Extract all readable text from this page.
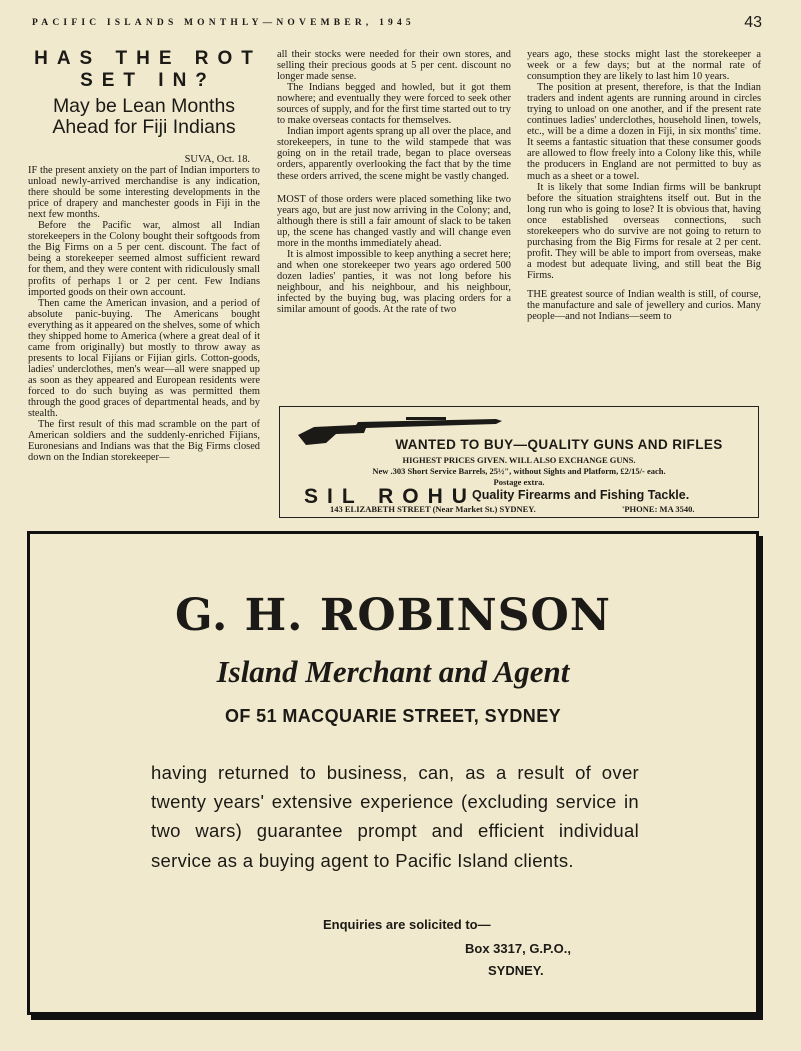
PACIFIC ISLANDS MONTHLY—NOVEMBER, 1945	43
HAS THE ROT
SET IN?
May be Lean Months
Ahead for Fiji Indians
SUVA, Oct. 18.

IF the present anxiety on the part of Indian importers to unload newly-arrived merchandise is any indication, there should be some interesting developments in the price of drapery and manchester goods in Fiji in the next few months.

Before the Pacific war, almost all Indian storekeepers in the Colony bought their softgoods from the Big Firms on a 5 per cent. discount. The fact of being a storekeeper seemed almost sufficient reward for them, and they were content with ridiculously small profits of perhaps 1 or 2 per cent. Few Indians imported goods on their own account.

Then came the American invasion, and a period of absolute panic-buying. The Americans bought everything as it appeared on the shelves, some of which they shipped home to America (where a great deal of it came from originally) but mostly to throw away as presents to local Fijians or Fijian girls. Cotton-goods, ladies' underclothes, men's wear—all were snapped up as soon as they appeared and European residents were forced to do such buying as was permitted them through the good graces of departmental heads, and by stealth.

The first result of this mad scramble on the part of American soldiers and the suddenly-enriched Fijians, Euronesians and Indians was that the Big Firms closed down on the Indian storekeeper—

all their stocks were needed for their own stores, and selling their precious goods at 5 per cent. discount no longer made sense.

The Indians begged and howled, but it got them nowhere; and eventually they were forced to seek other sources of supply, and for the first time started out to try to make overseas contacts for themselves.

Indian import agents sprang up all over the place, and storekeepers, in tune to the wild stampede that was going on in the retail trade, began to place overseas orders, apparently overlooking the fact that by the time these orders arrived, the scene might be vastly changed.

MOST of those orders were placed something like two years ago, but are just now arriving in the Colony; and, although there is still a fair amount of slack to be taken up, the scene has changed vastly and will change even more in the months immediately ahead.

It is almost impossible to keep anything a secret here; and when one storekeeper two years ago ordered 500 dozen ladies' panties, it was not long before his neighbour, and his neighbour, and his neighbour, infected by the buying bug, was placing orders for a similar amount of goods. At the rate of two

years ago, these stocks might last the storekeeper a week or a few days; but at the normal rate of consumption they are likely to last him 10 years.

The position at present, therefore, is that the Indian traders and indent agents are running around in circles trying to unload on one another, and if the present rate continues ladies' underclothes, household linen, towels, etc., will be a dime a dozen in Fiji, in six months' time. It seems a fantastic situation that these consumer goods are allowed to flow freely into a Colony like this, while the producers in England are not permitted to buy as much as a sheet or a towel.

It is likely that some Indian firms will be bankrupt before the situation straightens itself out. But in the long run who is going to lose? It is obvious that, having once established overseas connections, such storekeepers who do survive are not going to return to purchasing from the Big Firms for resale at 2 per cent. profit. They will be able to import from overseas, make a modest but adequate living, and still beat the Big Firms.

THE greatest source of Indian wealth is still, of course, the manufacture and sale of jewellery and curios. Many people—and not Indians—seem to

WANTED TO BUY—QUALITY GUNS AND RIFLES
HIGHEST PRICES GIVEN. WILL ALSO EXCHANGE GUNS.
New .303 Short Service Barrels, 25½", without Sights and Platform, £2/15/- each.
Postage extra.
SIL ROHU
Quality Firearms and Fishing Tackle.
143 ELIZABETH STREET (Near Market St.) SYDNEY.	'PHONE: MA 3540.
G. H. ROBINSON
Island Merchant and Agent
OF 51 MACQUARIE STREET, SYDNEY
having returned to business, can, as a result of over twenty years' extensive experience (excluding service in two wars) guarantee prompt and efficient individual service as a buying agent to Pacific Island clients.
Enquiries are solicited to—
Box 3317, G.P.O.,
SYDNEY.
